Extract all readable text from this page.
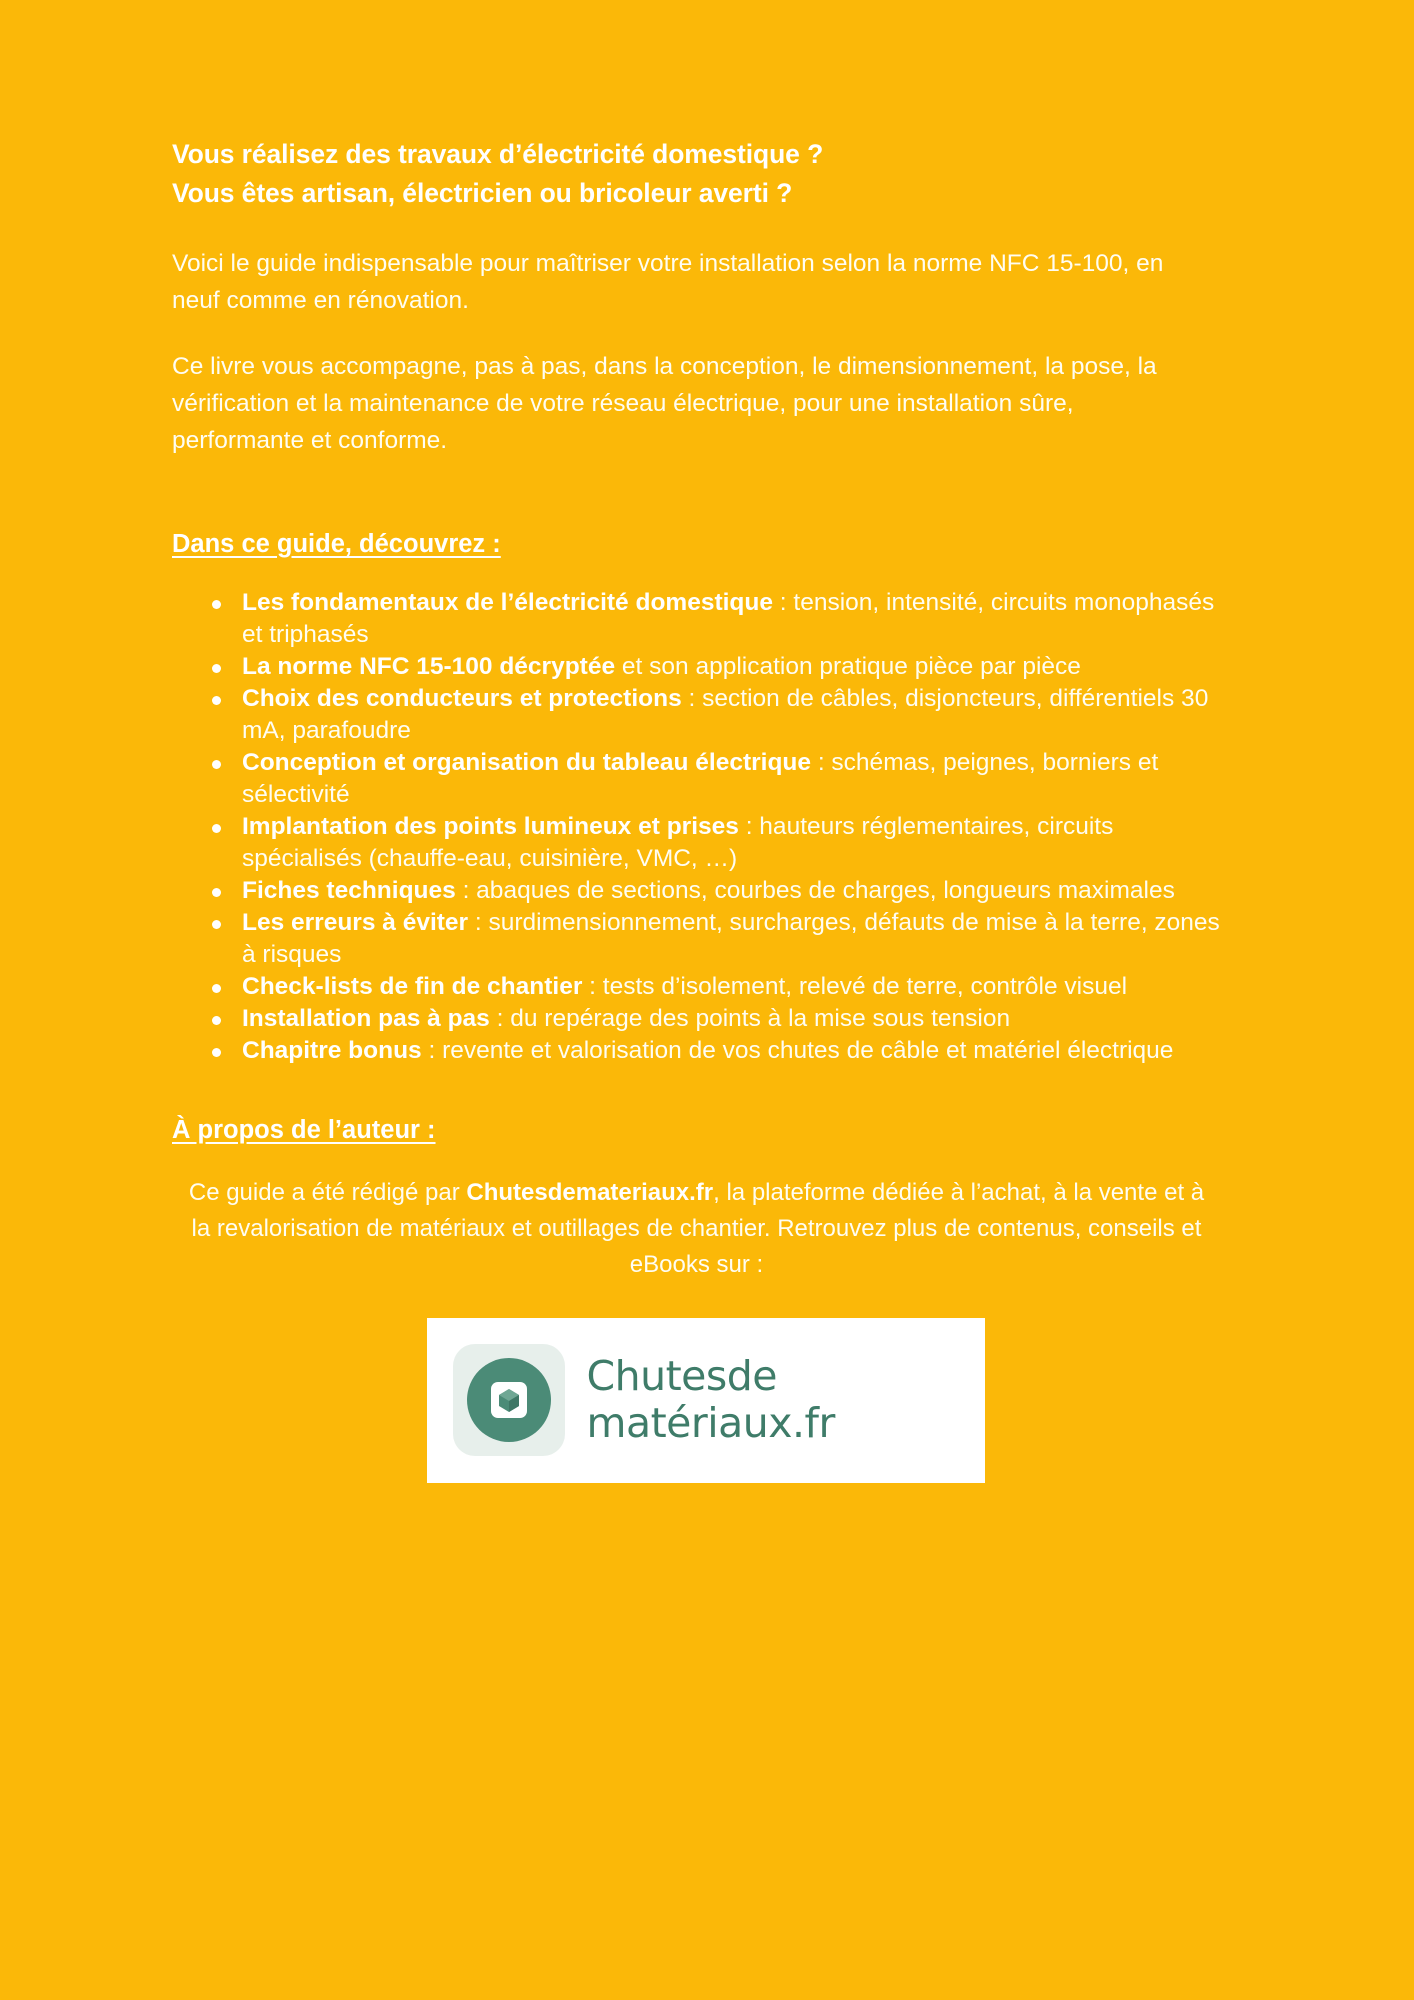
Vous réalisez des travaux d’électricité domestique ?
Vous êtes artisan, électricien ou bricoleur averti ?

Voici le guide indispensable pour maîtriser votre installation selon la norme NFC 15-100, en neuf comme en rénovation.

Ce livre vous accompagne, pas à pas, dans la conception, le dimensionnement, la pose, la vérification et la maintenance de votre réseau électrique, pour une installation sûre, performante et conforme.

Dans ce guide, découvrez :
Les fondamentaux de l’électricité domestique : tension, intensité, circuits monophasés et triphasés
La norme NFC 15-100 décryptée et son application pratique pièce par pièce
Choix des conducteurs et protections : section de câbles, disjoncteurs, différentiels 30 mA, parafoudre
Conception et organisation du tableau électrique : schémas, peignes, borniers et sélectivité
Implantation des points lumineux et prises : hauteurs réglementaires, circuits spécialisés (chauffe-eau, cuisinière, VMC, …)
Fiches techniques : abaques de sections, courbes de charges, longueurs maximales
Les erreurs à éviter : surdimensionnement, surcharges, défauts de mise à la terre, zones à risques
Check-lists de fin de chantier : tests d’isolement, relevé de terre, contrôle visuel
Installation pas à pas : du repérage des points à la mise sous tension
Chapitre bonus : revente et valorisation de vos chutes de câble et matériel électrique
À propos de l’auteur :

Ce guide a été rédigé par Chutesdemateriaux.fr, la plateforme dédiée à l’achat, à la vente et à la revalorisation de matériaux et outillages de chantier. Retrouvez plus de contenus, conseils et eBooks sur :

Chutesde
matériaux.fr
